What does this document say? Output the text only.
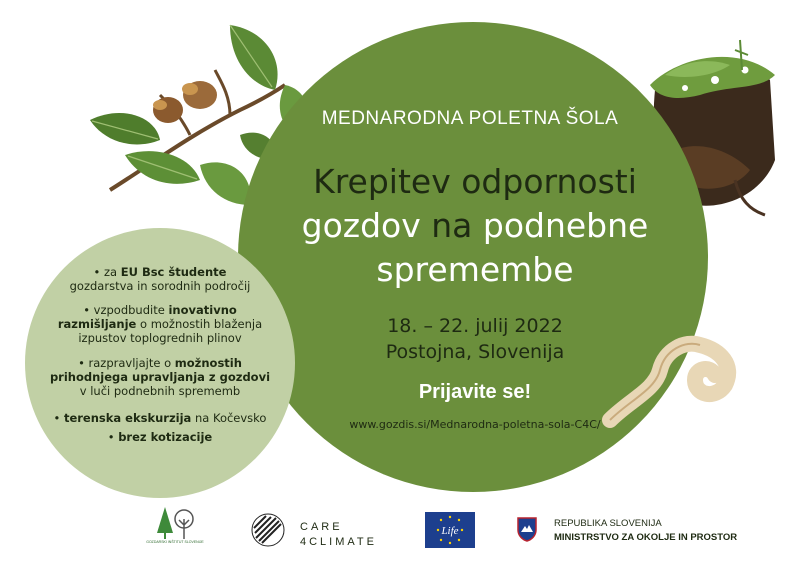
MEDNARODNA POLETNA ŠOLA
Krepitev odpornosti
gozdov na podnebne
spremembe
18. – 22. julij 2022
Postojna, Slovenija
Prijavite se!
www.gozdis.si/Mednarodna-poletna-sola-C4C/
• za EU Bsc študente
gozdarstva in sorodnih področij
• vzpodbudite inovativno
razmišljanje o možnostih blaženja
izpustov toplogrednih plinov
• razpravljajte o možnostih
prihodnjega upravljanja z gozdovi
v luči podnebnih sprememb
• terenska ekskurzija na Kočevsko
• brez kotizacije
GOZDARSKI INŠTITUT SLOVENIJE
CARE
4CLIMATE
Life
REPUBLIKA SLOVENIJA
MINISTRSTVO ZA OKOLJE IN PROSTOR
